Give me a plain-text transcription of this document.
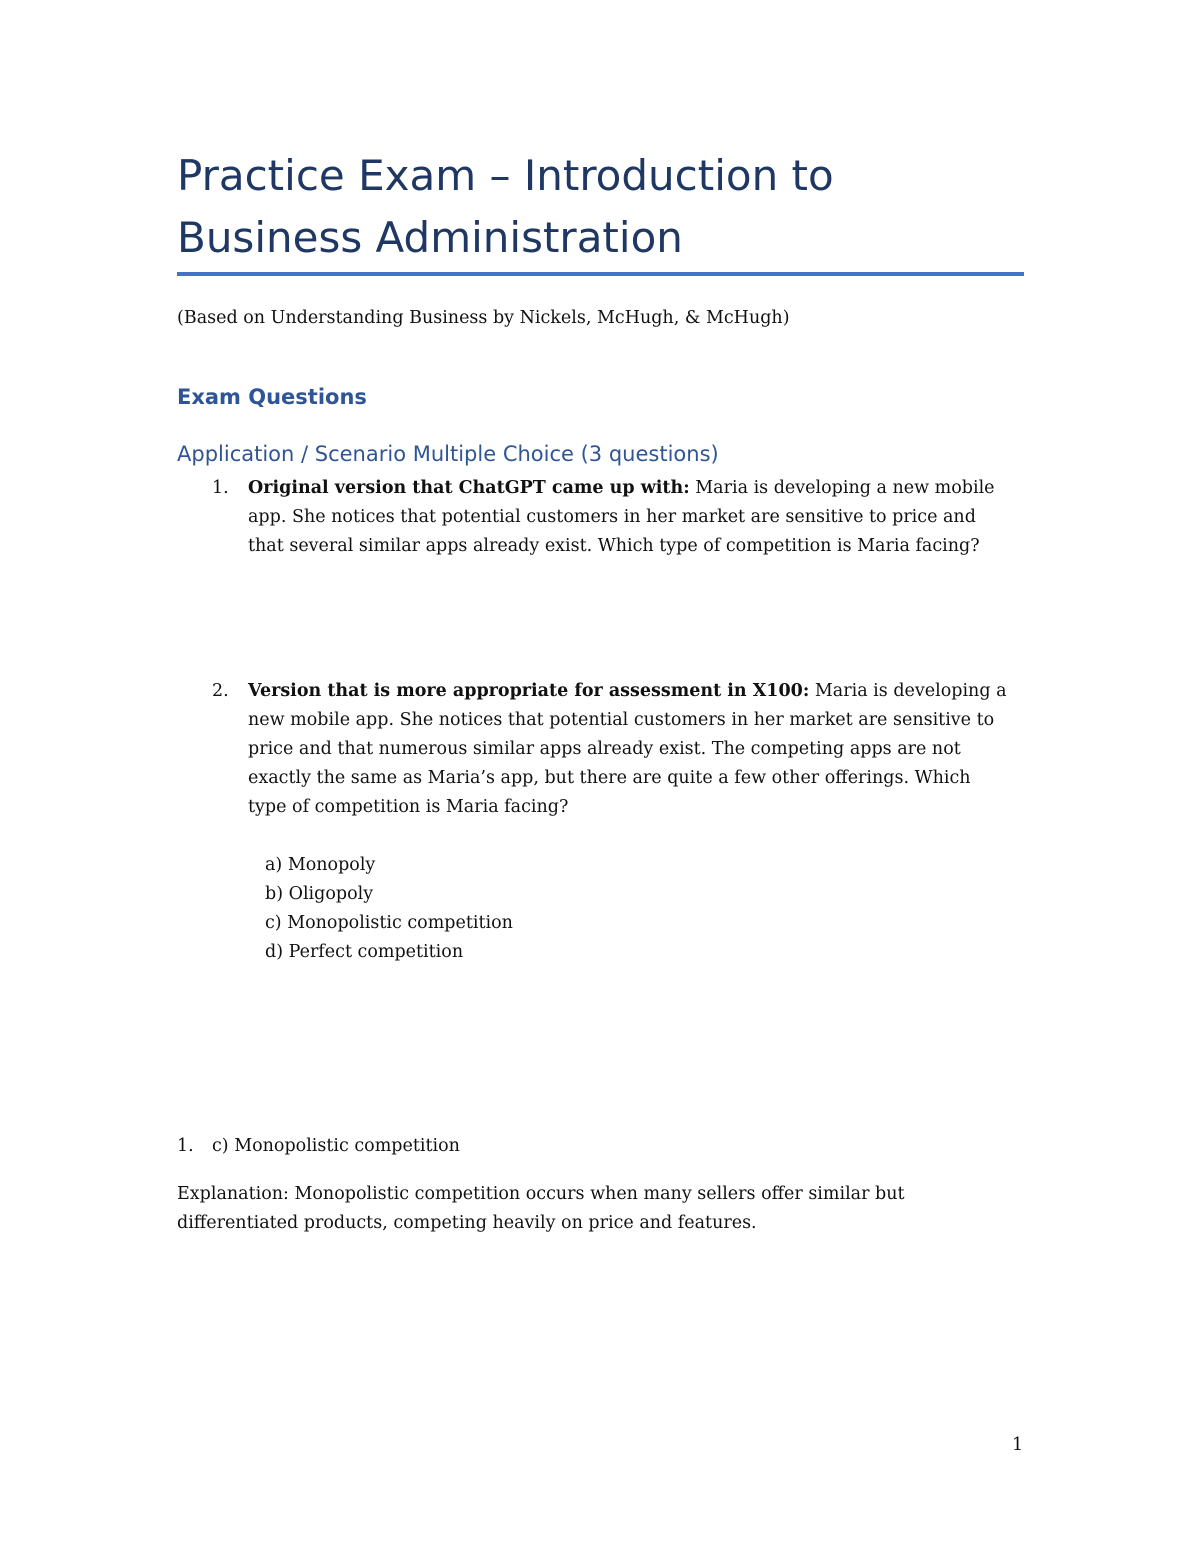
Practice Exam – Introduction to
Business Administration
(Based on Understanding Business by Nickels, McHugh, & McHugh)
Exam Questions
Application / Scenario Multiple Choice (3 questions)
1. Original version that ChatGPT came up with: Maria is developing a new mobile
app. She notices that potential customers in her market are sensitive to price and
that several similar apps already exist. Which type of competition is Maria facing?
2. Version that is more appropriate for assessment in X100: Maria is developing a
new mobile app. She notices that potential customers in her market are sensitive to
price and that numerous similar apps already exist. The competing apps are not
exactly the same as Maria’s app, but there are quite a few other offerings. Which
type of competition is Maria facing?
a) Monopoly
b) Oligopoly
c) Monopolistic competition
d) Perfect competition
1. c) Monopolistic competition
Explanation: Monopolistic competition occurs when many sellers offer similar but
differentiated products, competing heavily on price and features.
1
